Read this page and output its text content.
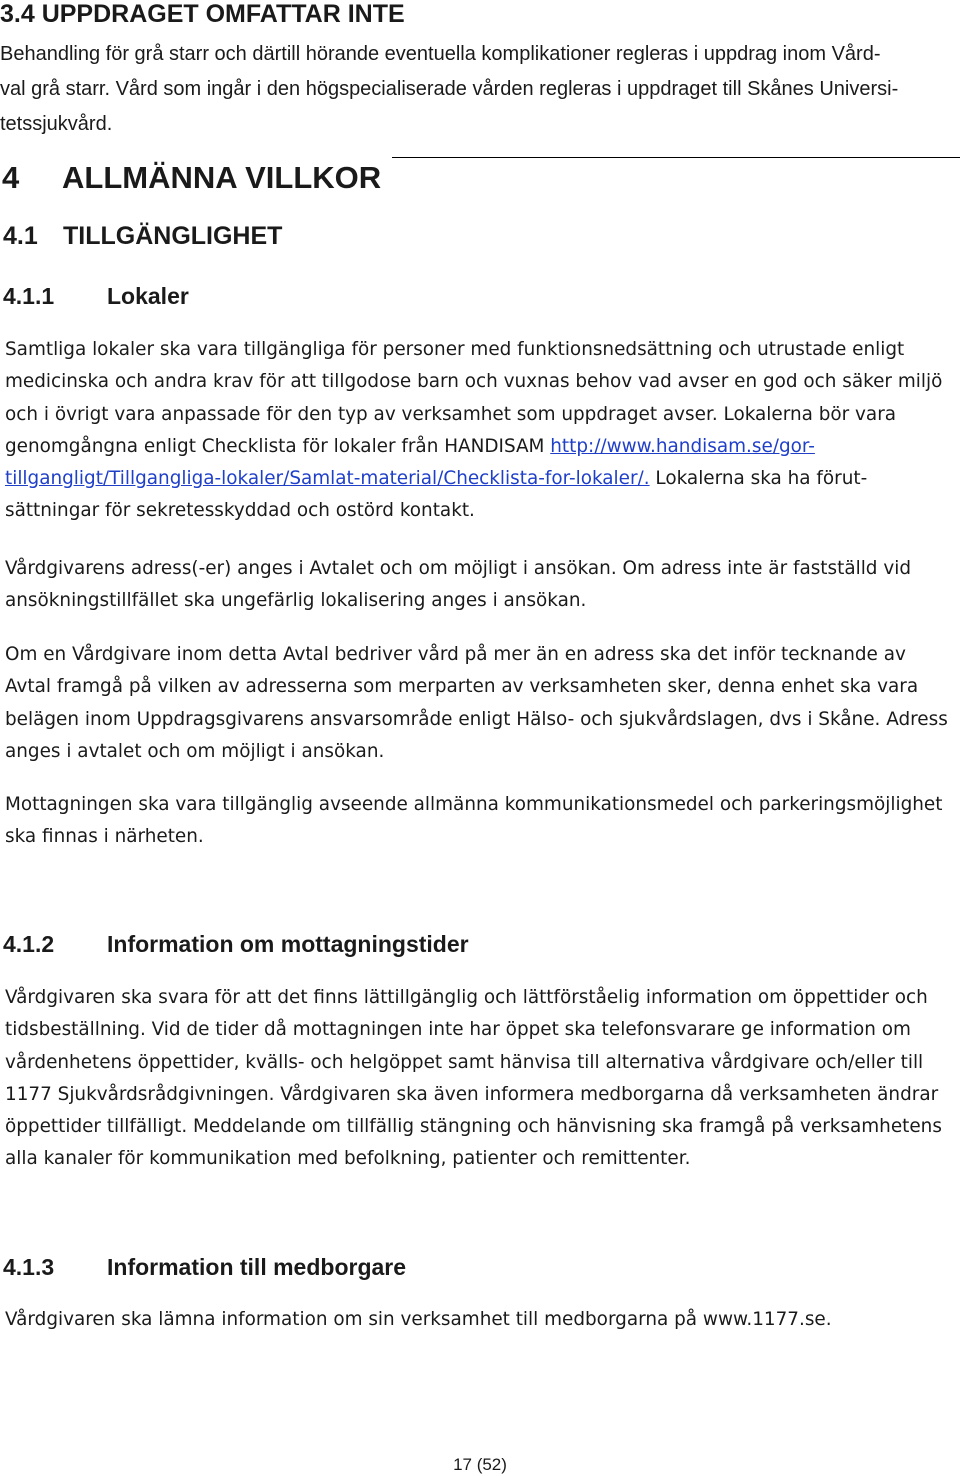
3.4 UPPDRAGET OMFATTAR INTE
Behandling för grå starr och därtill hörande eventuella komplikationer regleras i uppdrag inom Vård-
val grå starr. Vård som ingår i den högspecialiserade vården regleras i uppdraget till Skånes Universi-
tetssjukvård.
4 ALLMÄNNA VILLKOR
4.1 TILLGÄNGLIGHET
4.1.1 Lokaler
Samtliga lokaler ska vara tillgängliga för personer med funktionsnedsättning och utrustade enligt
medicinska och andra krav för att tillgodose barn och vuxnas behov vad avser en god och säker miljö
och i övrigt vara anpassade för den typ av verksamhet som uppdraget avser. Lokalerna bör vara
genomgångna enligt Checklista för lokaler från HANDISAM http://www.handisam.se/gor-
tillgangligt/Tillgangliga-lokaler/Samlat-material/Checklista-for-lokaler/. Lokalerna ska ha förut-
sättningar för sekretesskyddad och ostörd kontakt.
Vårdgivarens adress(-er) anges i Avtalet och om möjligt i ansökan. Om adress inte är fastställd vid
ansökningstillfället ska ungefärlig lokalisering anges i ansökan.
Om en Vårdgivare inom detta Avtal bedriver vård på mer än en adress ska det inför tecknande av
Avtal framgå på vilken av adresserna som merparten av verksamheten sker, denna enhet ska vara
belägen inom Uppdragsgivarens ansvarsområde enligt Hälso- och sjukvårdslagen, dvs i Skåne. Adress
anges i avtalet och om möjligt i ansökan.
Mottagningen ska vara tillgänglig avseende allmänna kommunikationsmedel och parkeringsmöjlighet
ska finnas i närheten.
4.1.2 Information om mottagningstider
Vårdgivaren ska svara för att det finns lättillgänglig och lättförståelig information om öppettider och
tidsbeställning. Vid de tider då mottagningen inte har öppet ska telefonsvarare ge information om
vårdenhetens öppettider, kvälls- och helgöppet samt hänvisa till alternativa vårdgivare och/eller till
1177 Sjukvårdsrådgivningen. Vårdgivaren ska även informera medborgarna då verksamheten ändrar
öppettider tillfälligt. Meddelande om tillfällig stängning och hänvisning ska framgå på verksamhetens
alla kanaler för kommunikation med befolkning, patienter och remittenter.
4.1.3 Information till medborgare
Vårdgivaren ska lämna information om sin verksamhet till medborgarna på www.1177.se.
17 (52)
